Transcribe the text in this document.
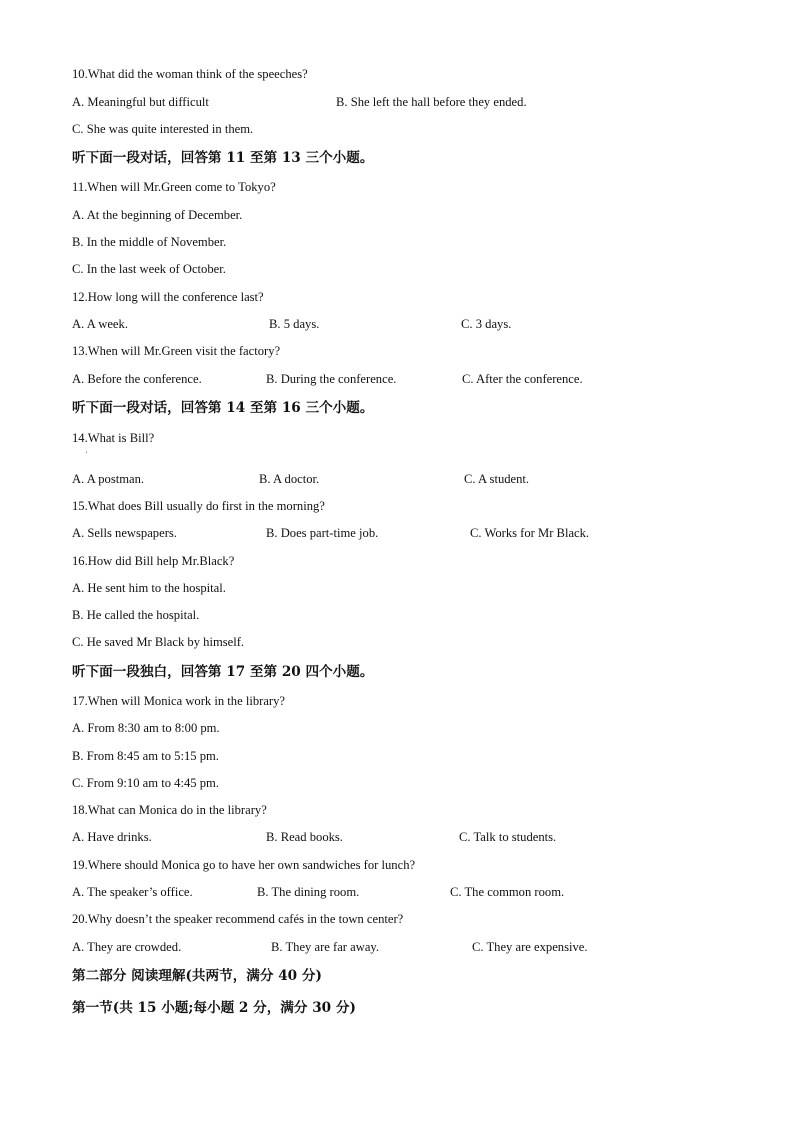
10.What did the woman think of the speeches?
A. Meaningful but difficult	B. She left the hall before they ended.
C. She was quite interested in them.
听下面一段对话，回答第 11 至第 13 三个小题。
11.When will Mr.Green come to Tokyo?
A. At the beginning of December.
B. In the middle of November.
C. In the last week of October.
12.How long will the conference last?
A. A week.	B. 5 days.	C. 3 days.
13.When will Mr.Green visit the factory?
A. Before the conference.	B. During the conference.	C. After the conference.
听下面一段对话，回答第 14 至第 16 三个小题。
14.What is Bill?
'
A. A postman.	B. A doctor.	C. A student.
15.What does Bill usually do first in the morning?
A. Sells newspapers.	B. Does part-time job.	C. Works for Mr Black.
16.How did Bill help Mr.Black?
A. He sent him to the hospital.
B. He called the hospital.
C. He saved Mr Black by himself.
听下面一段独白，回答第 17 至第 20 四个小题。
17.When will Monica work in the library?
A. From 8:30 am to 8:00 pm.
B. From 8:45 am to 5:15 pm.
C. From 9:10 am to 4:45 pm.
18.What can Monica do in the library?
A. Have drinks.	B. Read books.	C. Talk to students.
19.Where should Monica go to have her own sandwiches for lunch?
A. The speaker’s office.	B. The dining room.	C. The common room.
20.Why doesn’t the speaker recommend cafés in the town center?
A. They are crowded.	B. They are far away.	C. They are expensive.
第二部分 阅读理解(共两节，满分 40 分)
第一节(共 15 小题;每小题 2 分，满分 30 分)
